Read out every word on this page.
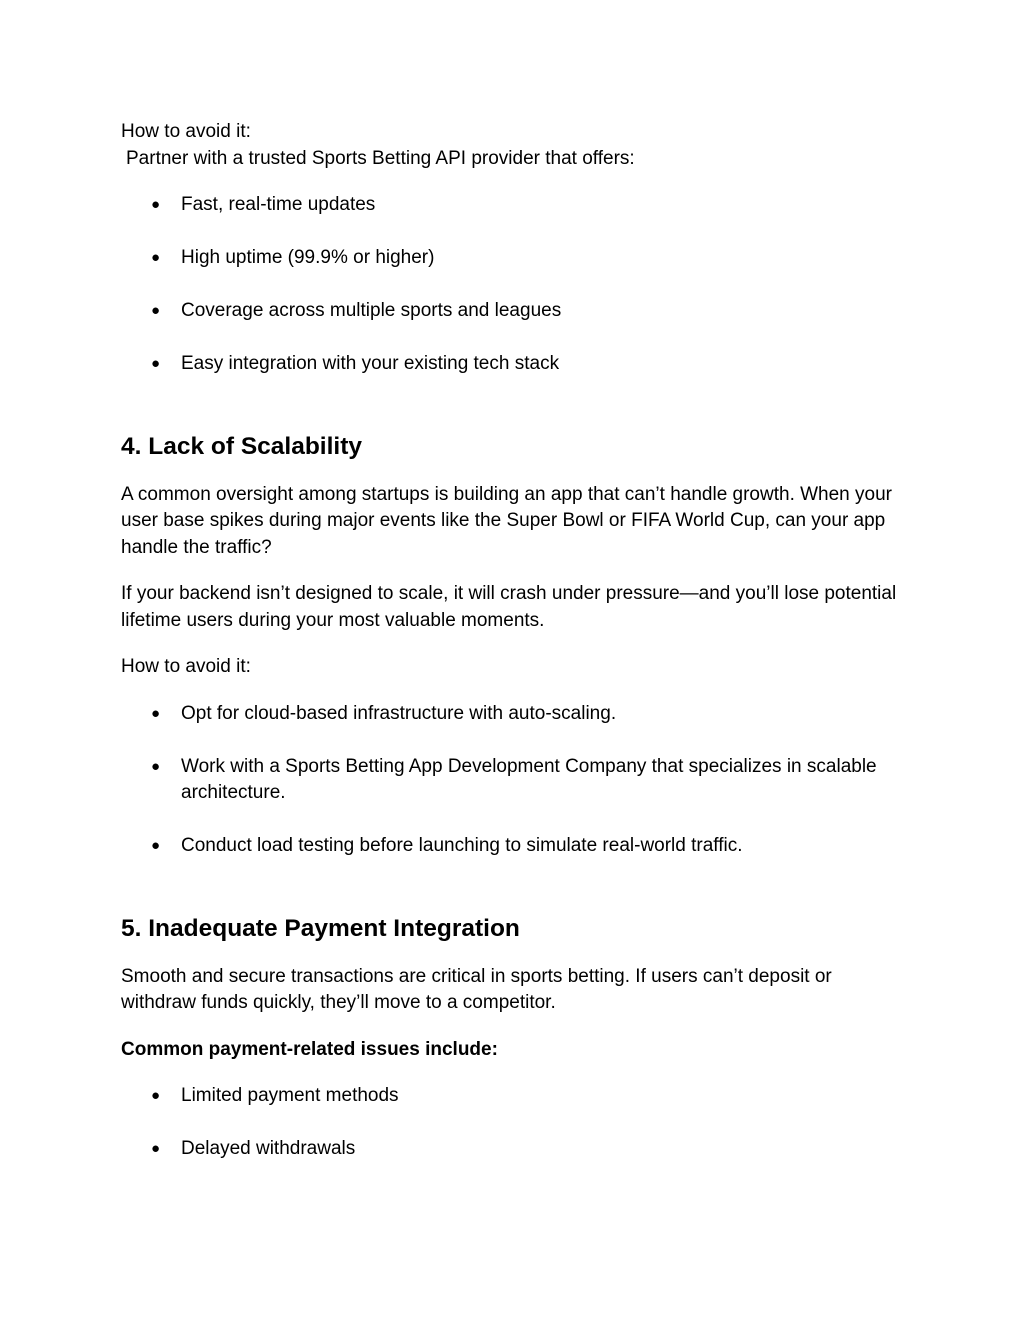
How to avoid it:

Partner with a trusted Sports Betting API provider that offers:

● Fast, real-time updates
● High uptime (99.9% or higher)
● Coverage across multiple sports and leagues
● Easy integration with your existing tech stack
4. Lack of Scalability

A common oversight among startups is building an app that can’t handle growth. When your user base spikes during major events like the Super Bowl or FIFA World Cup, can your app handle the traffic?

If your backend isn’t designed to scale, it will crash under pressure—and you’ll lose potential lifetime users during your most valuable moments.

How to avoid it:

● Opt for cloud-based infrastructure with auto-scaling.
● Work with a Sports Betting App Development Company that specializes in scalable architecture.
● Conduct load testing before launching to simulate real-world traffic.
5. Inadequate Payment Integration

Smooth and secure transactions are critical in sports betting. If users can’t deposit or withdraw funds quickly, they’ll move to a competitor.

Common payment-related issues include:

● Limited payment methods
● Delayed withdrawals
